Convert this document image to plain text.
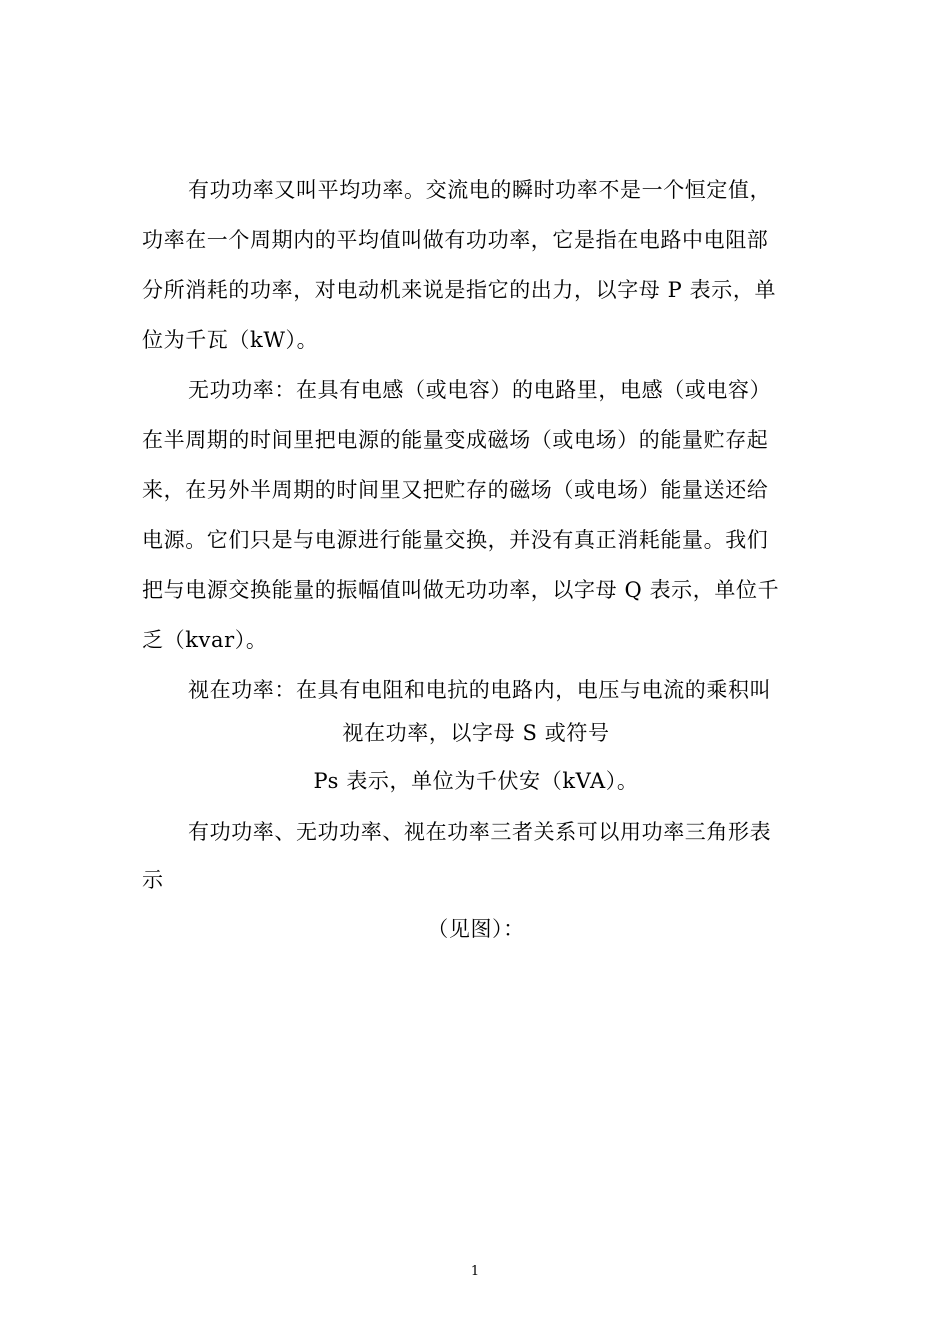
有功功率又叫平均功率。交流电的瞬时功率不是一个恒定值，
功率在一个周期内的平均值叫做有功功率，它是指在电路中电阻部
分所消耗的功率，对电动机来说是指它的出力，以字母 P 表示，单
位为千瓦（kW）。
无功功率：在具有电感（或电容）的电路里，电感（或电容）
在半周期的时间里把电源的能量变成磁场（或电场）的能量贮存起
来，在另外半周期的时间里又把贮存的磁场（或电场）能量送还给
电源。它们只是与电源进行能量交换，并没有真正消耗能量。我们
把与电源交换能量的振幅值叫做无功功率，以字母 Q 表示，单位千
乏（kvar）。
视在功率：在具有电阻和电抗的电路内，电压与电流的乘积叫
视在功率，以字母 S 或符号
Ps 表示，单位为千伏安（kVA）。
有功功率、无功功率、视在功率三者关系可以用功率三角形表
示
（见图）：
1
